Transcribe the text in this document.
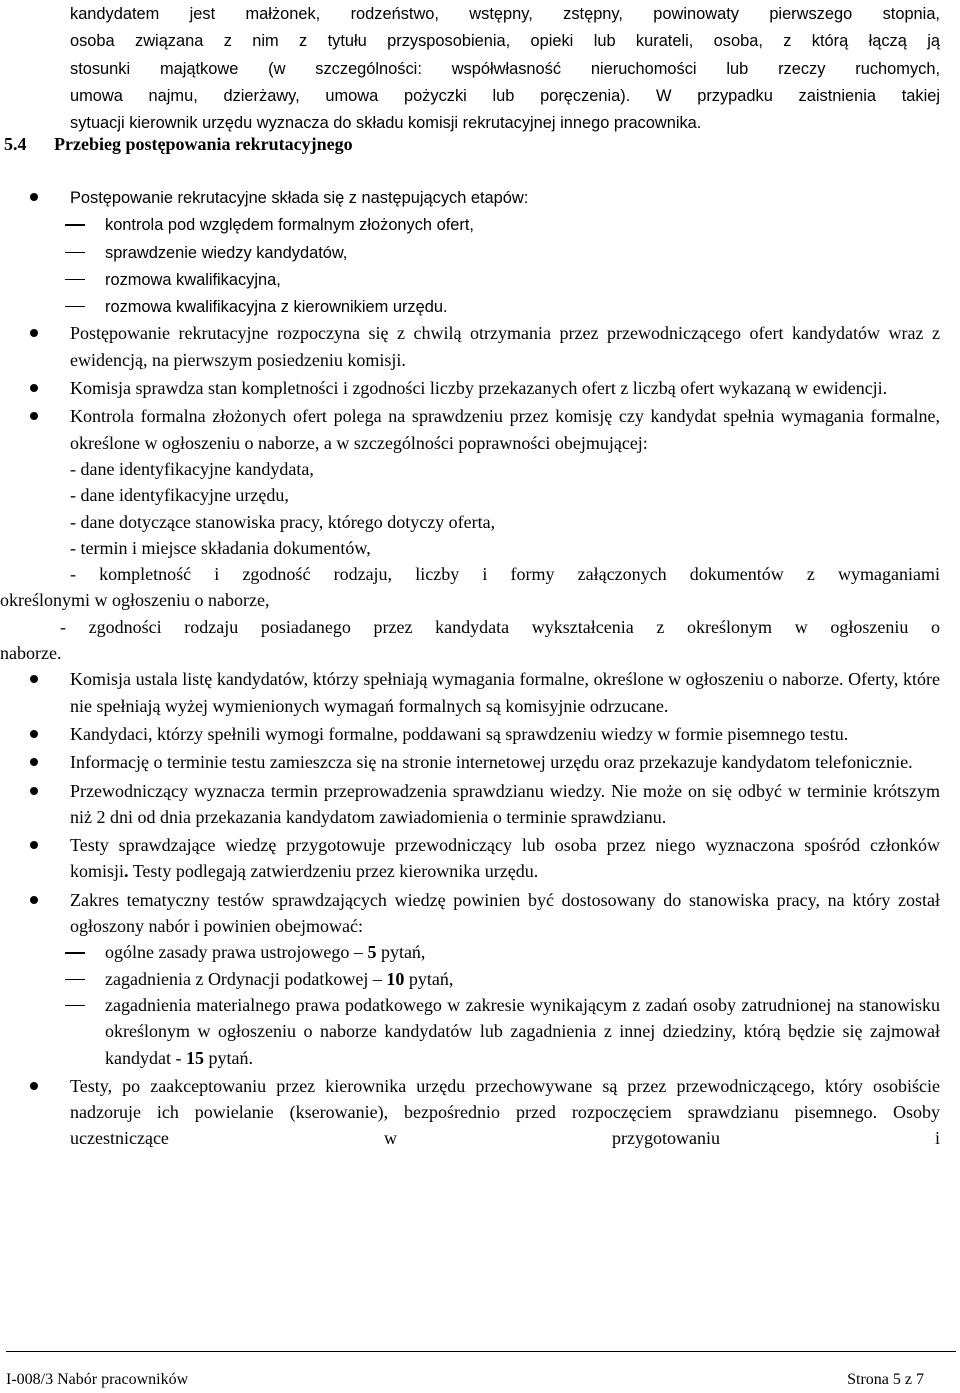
kandydatem jest małżonek, rodzeństwo, wstępny, zstępny, powinowaty pierwszego stopnia,

osoba związana z nim z tytułu przysposobienia, opieki lub kurateli, osoba, z którą łączą ją

stosunki majątkowe (w szczególności: współwłasność nieruchomości lub rzeczy ruchomych,

umowa najmu, dzierżawy, umowa pożyczki lub poręczenia). W przypadku zaistnienia takiej

sytuacji kierownik urzędu wyznacza do składu komisji rekrutacyjnej innego pracownika.

5.4 Przebieg postępowania rekrutacyjnego
Postępowanie rekrutacyjne składa się z następujących etapów:
kontrola pod względem formalnym złożonych ofert,
sprawdzenie wiedzy kandydatów,
rozmowa kwalifikacyjna,
rozmowa kwalifikacyjna z kierownikiem urzędu.
Postępowanie rekrutacyjne rozpoczyna się z chwilą otrzymania przez przewodniczącego ofert kandydatów wraz z ewidencją, na pierwszym posiedzeniu komisji.
Komisja sprawdza stan kompletności i zgodności liczby przekazanych ofert z liczbą ofert wykazaną w ewidencji.
Kontrola formalna złożonych ofert polega na sprawdzeniu przez komisję czy kandydat spełnia wymagania formalne, określone w ogłoszeniu o naborze, a w szczególności poprawności obejmującej:
- dane identyfikacyjne kandydata,
- dane identyfikacyjne urzędu,
- dane dotyczące stanowiska pracy, którego dotyczy oferta,
- termin i miejsce składania dokumentów,
- kompletność i zgodność rodzaju, liczby i formy załączonych dokumentów z wymaganiami
określonymi w ogłoszeniu o naborze,
- zgodności rodzaju posiadanego przez kandydata wykształcenia z określonym w ogłoszeniu o
naborze.
Komisja ustala listę kandydatów, którzy spełniają wymagania formalne, określone w ogłoszeniu o naborze. Oferty, które nie spełniają wyżej wymienionych wymagań formalnych są komisyjnie odrzucane.
Kandydaci, którzy spełnili wymogi formalne, poddawani są sprawdzeniu wiedzy w formie pisemnego testu.
Informację o terminie testu zamieszcza się na stronie internetowej urzędu oraz przekazuje kandydatom telefonicznie.
Przewodniczący wyznacza termin przeprowadzenia sprawdzianu wiedzy. Nie może on się odbyć w terminie krótszym niż 2 dni od dnia przekazania kandydatom zawiadomienia o terminie sprawdzianu.
Testy sprawdzające wiedzę przygotowuje przewodniczący lub osoba przez niego wyznaczona spośród członków komisji. Testy podlegają zatwierdzeniu przez kierownika urzędu.
Zakres tematyczny testów sprawdzających wiedzę powinien być dostosowany do stanowiska pracy, na który został ogłoszony nabór i powinien obejmować:
ogólne zasady prawa ustrojowego – 5 pytań,
zagadnienia z Ordynacji podatkowej – 10 pytań,
zagadnienia materialnego prawa podatkowego w zakresie wynikającym z zadań osoby zatrudnionej na stanowisku określonym w ogłoszeniu o naborze kandydatów lub zagadnienia z innej dziedziny, którą będzie się zajmował kandydat - 15 pytań.
Testy, po zaakceptowaniu przez kierownika urzędu przechowywane są przez przewodniczącego, który osobiście nadzoruje ich powielanie (kserowanie), bezpośrednio przed rozpoczęciem sprawdzianu pisemnego. Osoby uczestniczące w przygotowaniu i
I-008/3 Nabór pracowników	Strona 5 z 7
